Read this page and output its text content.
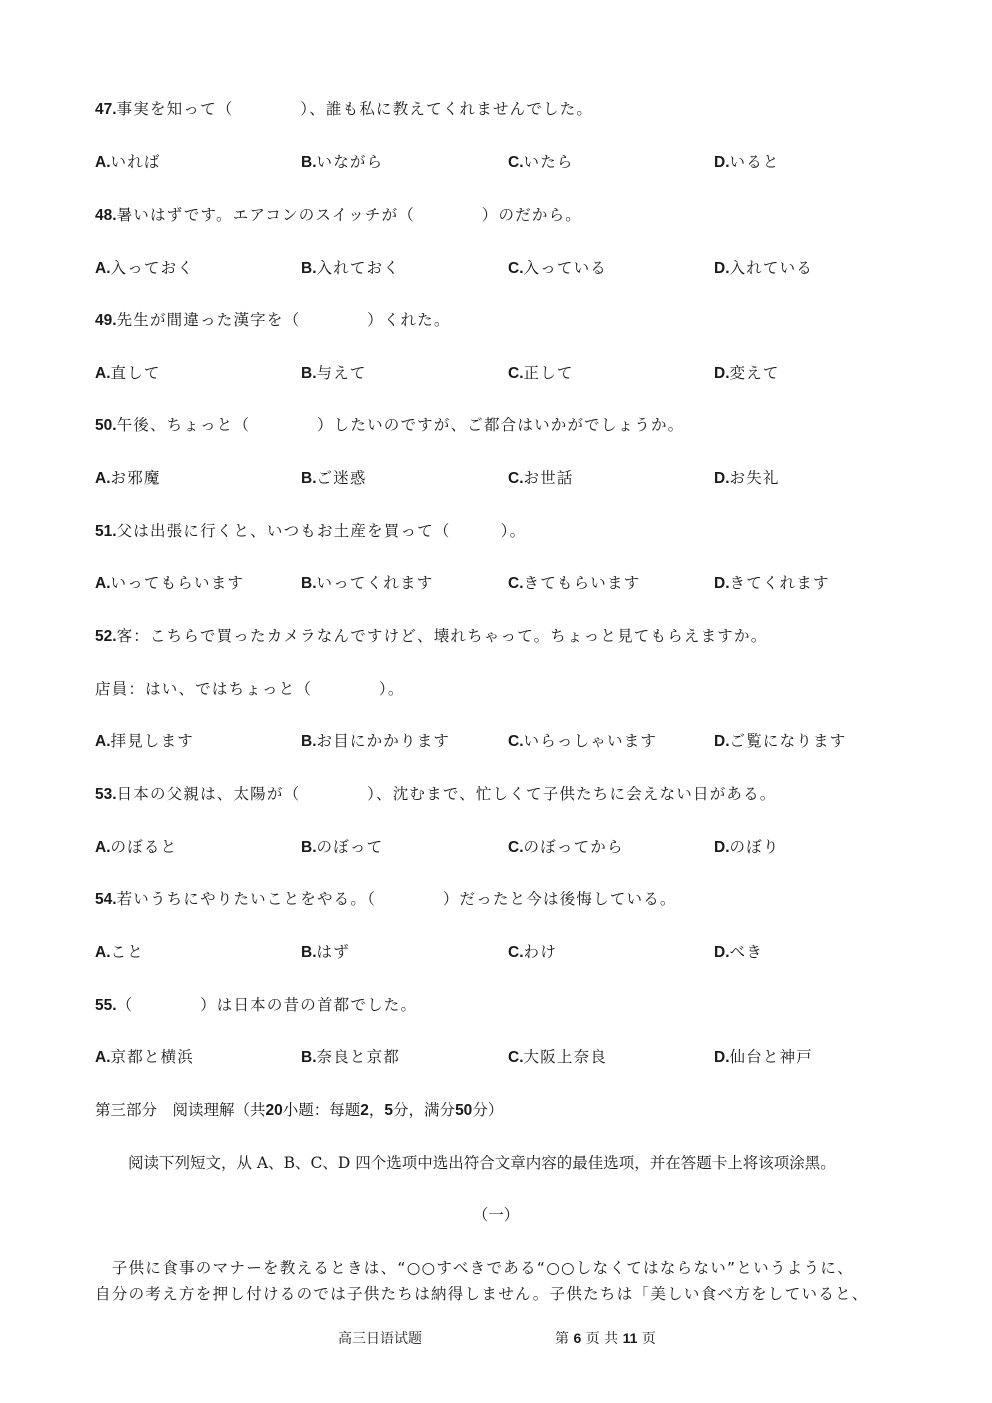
47.事実を知って（　　　　）、誰も私に教えてくれませんでした。
A.いれば	B.いながら	C.いたら	D.いると
48.暑いはずです。エアコンのスイッチが（　　　　）のだから。
A.入っておく	B.入れておく	C.入っている	D.入れている
49.先生が間違った漢字を（　　　　）くれた。
A.直して	B.与えて	C.正して	D.変えて
50.午後、ちょっと（　　　　）したいのですが、ご都合はいかがでしょうか。
A.お邪魔	B.ご迷惑	C.お世話	D.お失礼
51.父は出張に行くと、いつもお土産を買って（　　　）。
A.いってもらいます	B.いってくれます	C.きてもらいます	D.きてくれます
52.客：こちらで買ったカメラなんですけど、壊れちゃって。ちょっと見てもらえますか。
店員：はい、ではちょっと（　　　　）。
A.拝見します	B.お目にかかります	C.いらっしゃいます	D.ご覧になります
53.日本の父親は、太陽が（　　　　）、沈むまで、忙しくて子供たちに会えない日がある。
A.のぼると	B.のぼって	C.のぼってから	D.のぼり
54.若いうちにやりたいことをやる。（　　　　）だったと今は後悔している。
A.こと	B.はず	C.わけ	D.べき
55.（　　　　）は日本の昔の首都でした。
A.京都と横浜	B.奈良と京都	C.大阪上奈良	D.仙台と神戸
第三部分　阅读理解（共20小题：每题2，5分，满分50分）
阅读下列短文，从 A、B、C、D 四个选项中选出符合文章内容的最佳选项，并在答题卡上将该项涂黑。
（一）
　子供に食事のマナーを教えるときは、“○○すべきである“○○しなくてはならない”というように、
自分の考え方を押し付けるのでは子供たちは納得しません。子供たちは「美しい食べ方をしていると、
高三日语试题	第 6 页 共 11 页
